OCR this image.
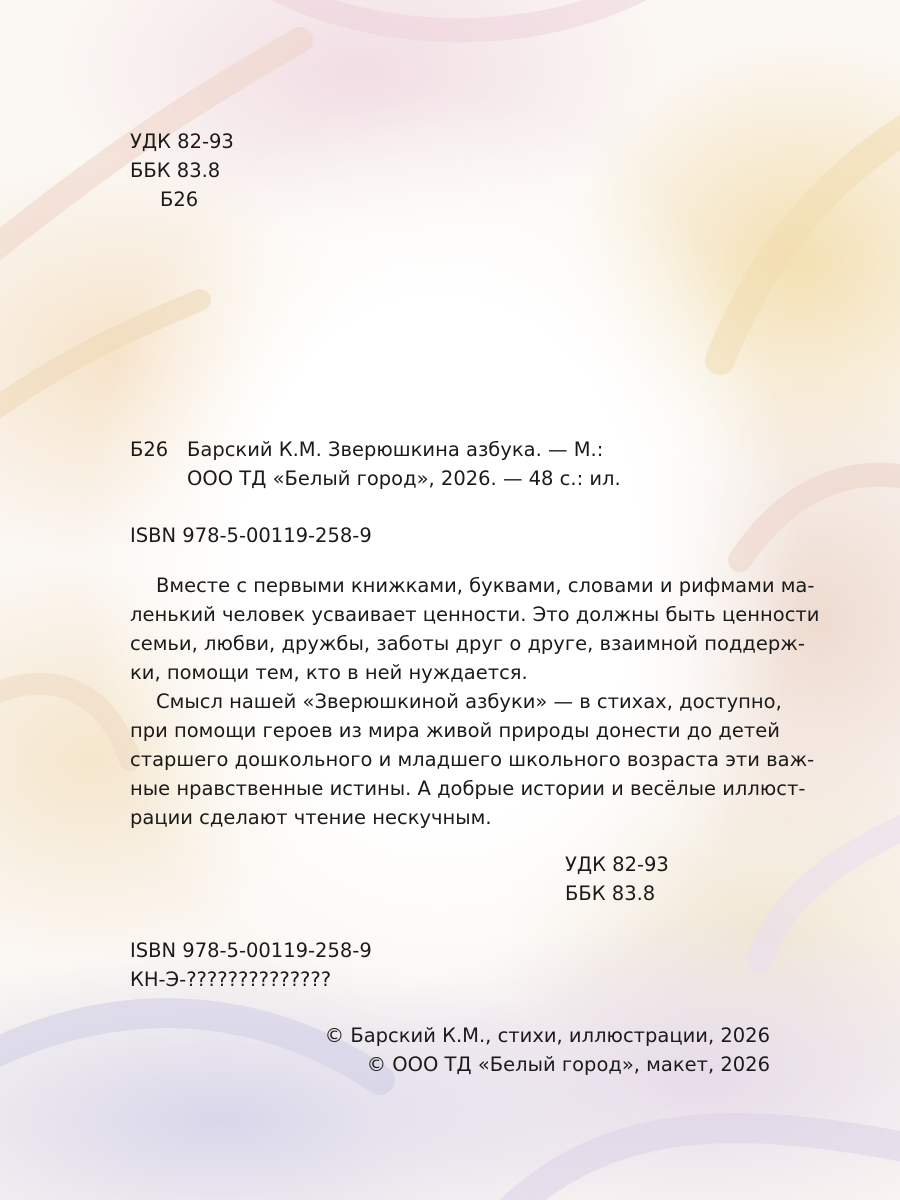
УДК 82-93
ББК 83.8
Б26
Б26 Барский К.М. Зверюшкина азбука. — М.:
ООО ТД «Белый город», 2026. — 48 с.: ил.
ISBN 978-5-00119-258-9
Вместе с первыми книжками, буквами, словами и рифмами ма-
ленький человек усваивает ценности. Это должны быть ценности
семьи, любви, дружбы, заботы друг о друге, взаимной поддерж-
ки, помощи тем, кто в ней нуждается.
Смысл нашей «Зверюшкиной азбуки» — в стихах, доступно,
при помощи героев из мира живой природы донести до детей
старшего дошкольного и младшего школьного возраста эти важ-
ные нравственные истины. А добрые истории и весёлые иллюст-
рации сделают чтение нескучным.
УДК 82-93
ББК 83.8
ISBN 978-5-00119-258-9
КН-Э-??????????????
© Барский К.М., стихи, иллюстрации, 2026
© ООО ТД «Белый город», макет, 2026
